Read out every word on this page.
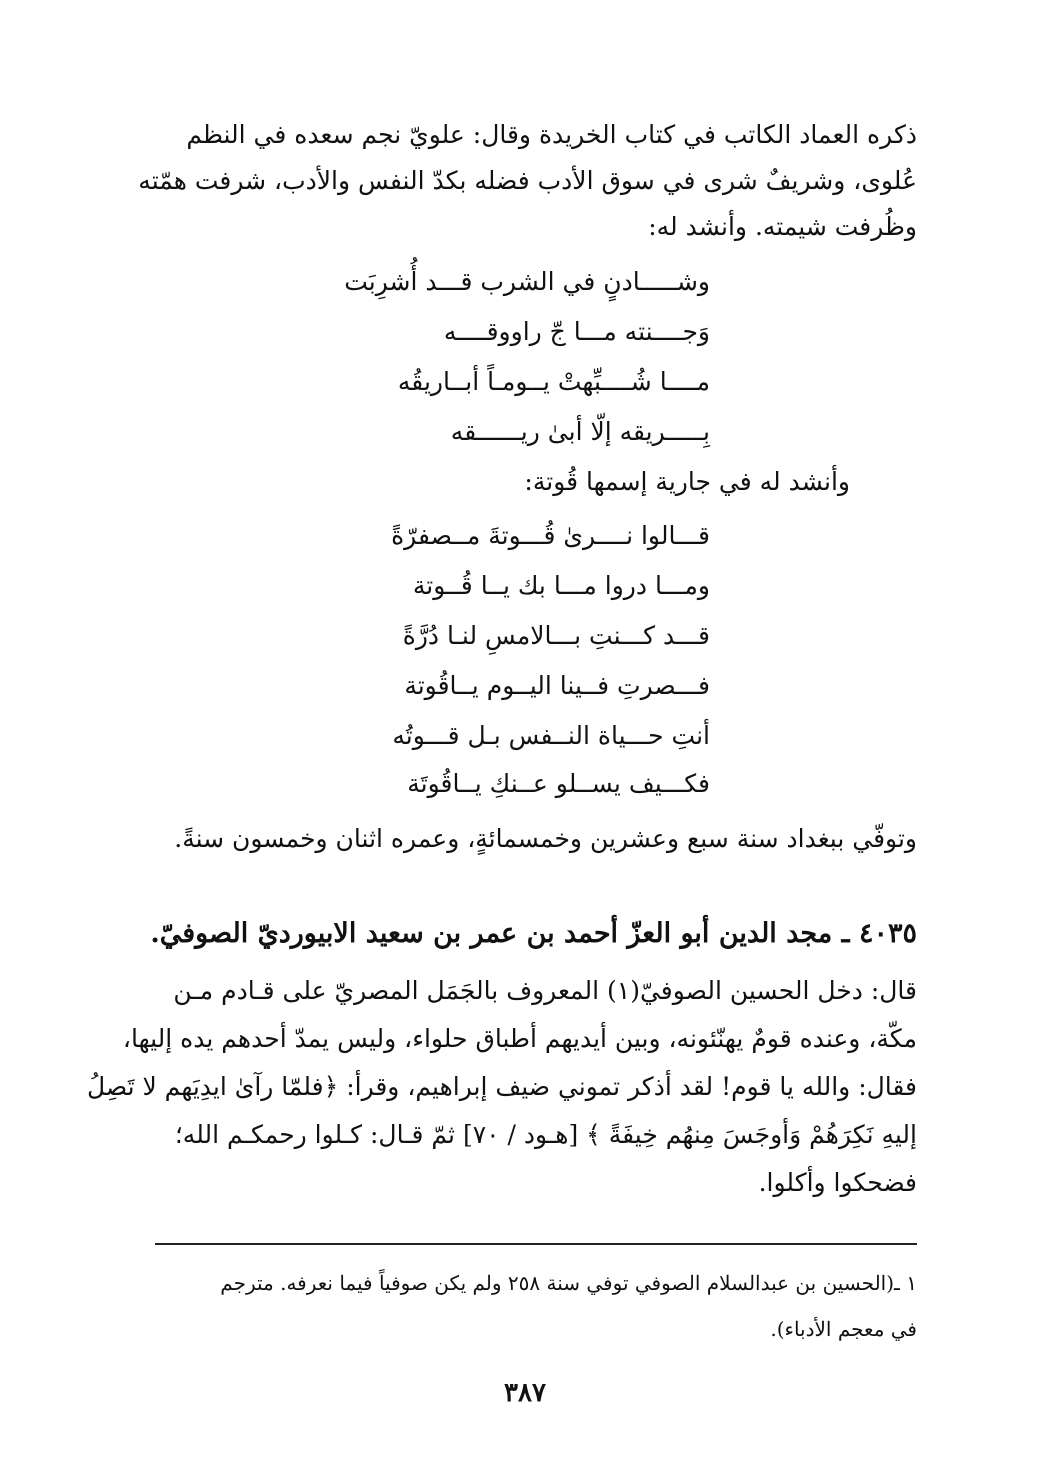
ذكره العماد الكاتب في كتاب الخريدة وقال: علويّ نجم سعده في النظم
عُلوى، وشريفٌ شرى في سوق الأدب فضله بكدّ النفس والأدب، شرفت همّته
وظُرفت شيمته. وأنشد له:
وشـــــادنٍ في الشرب قـــد أُشرِبَت
وَجــــنته مـــا جّ راووقــــه
مــــا شُــــبِّهتْ يــومـاً أبــاريقُه
بِـــــريقه إلّا أبىٰ ريــــــقه
وأنشد له في جارية إسمها قُوتة:
قـــالوا نــــرىٰ قُـــوتةَ مــصفرّةً
ومـــا دروا مـــا بك يــا قُــوتة
قـــد كـــنتِ بـــالامسِ لنـا دُرَّةً
فـــصرتِ فــينا اليــوم يــاقُوتة
أنتِ حـــياة النــفس بـل قـــوتُه
فكـــيف يســلو عــنكِ يــاقُوتَة
وتوفّي ببغداد سنة سبع وعشرين وخمسمائةٍ، وعمره اثنان وخمسون سنةً.
٤٠٣٥ ـ مجد الدين أبو العزّ أحمد بن عمر بن سعيد الابيورديّ الصوفيّ.
قال: دخل الحسين الصوفيّ(١) المعروف بالجَمَل المصريّ على قـادم مـن
مكّة، وعنده قومٌ يهنّئونه، وبين أيديهم أطباق حلواء، وليس يمدّ أحدهم يده إليها،
فقال: والله يا قوم! لقد أذكر تموني ضيف إبراهيم، وقرأ: ﴿فلمّا رآىٰ ايدِيَهم لا تَصِلُ
إليهِ نَكِرَهُمْ وَأوجَسَ مِنهُم خِيفَةً ﴾ [هـود / ٧٠] ثمّ قـال: كـلوا رحمكـم الله؛
فضحكوا وأكلوا.
١ ـ(الحسين بن عبدالسلام الصوفي توفي سنة ٢٥٨ ولم يكن صوفياً فيما نعرفه. مترجم
في معجم الأدباء).
٣٨٧
